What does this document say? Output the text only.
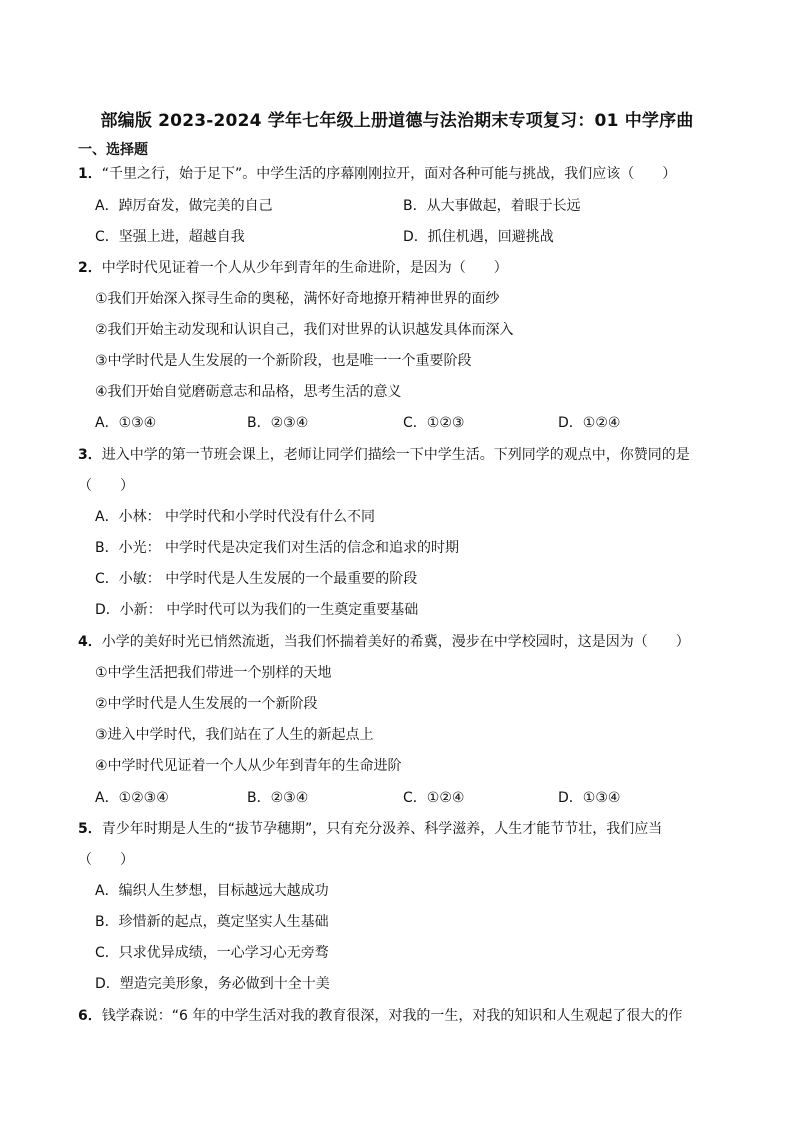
部编版 2023-2024 学年七年级上册道德与法治期末专项复习：01 中学序曲
一、选择题
1．“千里之行，始于足下”。中学生活的序幕刚刚拉开，面对各种可能与挑战，我们应该（　　）
A．踔厉奋发，做完美的自己	B．从大事做起，着眼于长远
C．坚强上进，超越自我	D．抓住机遇，回避挑战
2．中学时代见证着一个人从少年到青年的生命进阶，是因为（　　）
①我们开始深入探寻生命的奥秘，满怀好奇地撩开精神世界的面纱
②我们开始主动发现和认识自己，我们对世界的认识越发具体而深入
③中学时代是人生发展的一个新阶段，也是唯一一个重要阶段
④我们开始自觉磨砺意志和品格，思考生活的意义
A．①③④	B．②③④	C．①②③	D．①②④
3．进入中学的第一节班会课上，老师让同学们描绘一下中学生活。下列同学的观点中，你赞同的是
（　　）
A．小林： 中学时代和小学时代没有什么不同
B．小光： 中学时代是决定我们对生活的信念和追求的时期
C．小敏： 中学时代是人生发展的一个最重要的阶段
D．小新： 中学时代可以为我们的一生奠定重要基础
4．小学的美好时光已悄然流逝，当我们怀揣着美好的希冀，漫步在中学校园时，这是因为（　　）
①中学生活把我们带进一个别样的天地
②中学时代是人生发展的一个新阶段
③进入中学时代，我们站在了人生的新起点上
④中学时代见证着一个人从少年到青年的生命进阶
A．①②③④	B．②③④	C．①②④	D．①③④
5．青少年时期是人生的“拔节孕穗期”，只有充分汲养、科学滋养，人生才能节节壮，我们应当
（　　）
A．编织人生梦想，目标越远大越成功
B．珍惜新的起点，奠定坚实人生基础
C．只求优异成绩，一心学习心无旁骛
D．塑造完美形象，务必做到十全十美
6．钱学森说：“6 年的中学生活对我的教育很深，对我的一生，对我的知识和人生观起了很大的作
